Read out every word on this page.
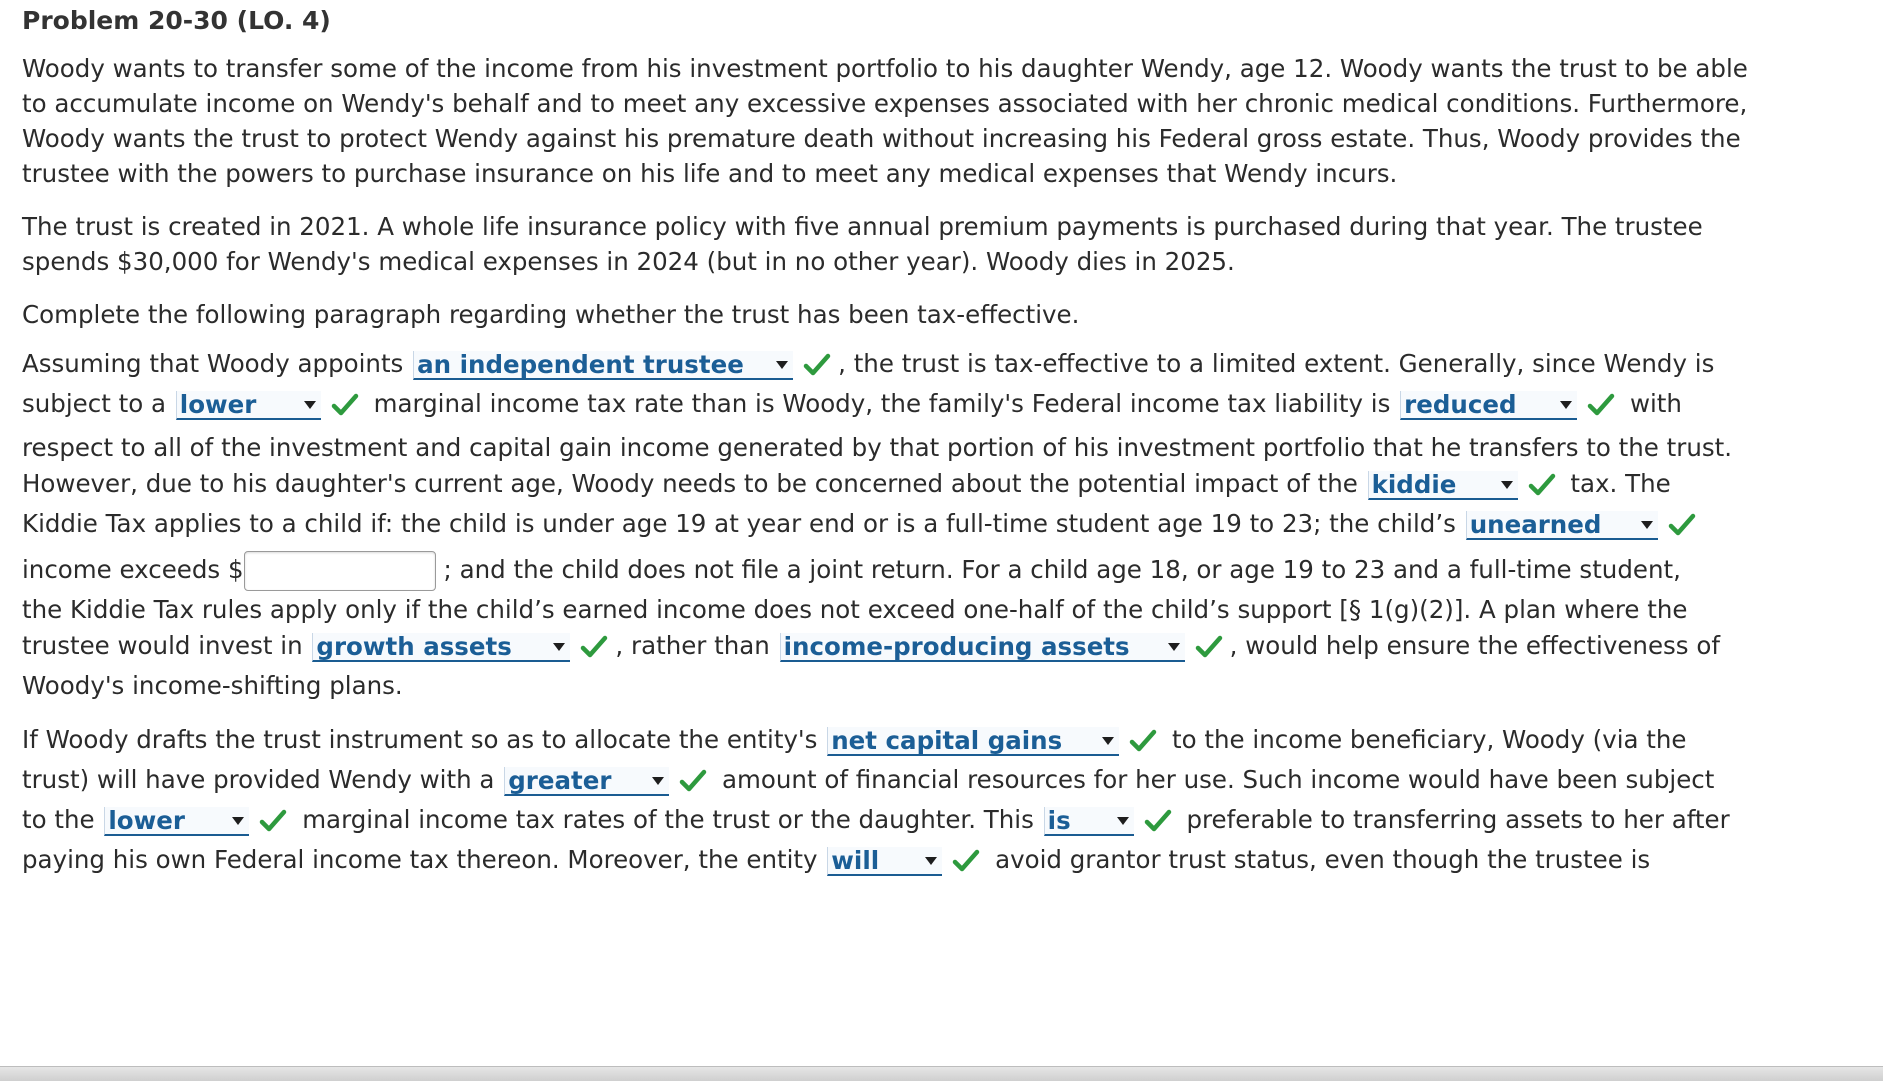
Problem 20-30 (LO. 4)
Woody wants to transfer some of the income from his investment portfolio to his daughter Wendy, age 12. Woody wants the trust to be able
to accumulate income on Wendy's behalf and to meet any excessive expenses associated with her chronic medical conditions. Furthermore,
Woody wants the trust to protect Wendy against his premature death without increasing his Federal gross estate. Thus, Woody provides the
trustee with the powers to purchase insurance on his life and to meet any medical expenses that Wendy incurs.
The trust is created in 2021. A whole life insurance policy with five annual premium payments is purchased during that year. The trustee
spends $30,000 for Wendy's medical expenses in 2024 (but in no other year). Woody dies in 2025.
Complete the following paragraph regarding whether the trust has been tax-effective.
Assuming that Woody appoints an independent trustee	, the trust is tax-effective to a limited extent. Generally, since Wendy is
subject to a lower	marginal income tax rate than is Woody, the family's Federal income tax liability is reduced	with
respect to all of the investment and capital gain income generated by that portion of his investment portfolio that he transfers to the trust.
However, due to his daughter's current age, Woody needs to be concerned about the potential impact of the kiddie	tax. The
Kiddie Tax applies to a child if: the child is under age 19 at year end or is a full-time student age 19 to 23; the child’s unearned
income exceeds $	; and the child does not file a joint return. For a child age 18, or age 19 to 23 and a full-time student,
the Kiddie Tax rules apply only if the child’s earned income does not exceed one-half of the child’s support [§ 1(g)(2)]. A plan where the
trustee would invest in growth assets	, rather than income-producing assets	, would help ensure the effectiveness of
Woody's income-shifting plans.
If Woody drafts the trust instrument so as to allocate the entity's net capital gains	to the income beneficiary, Woody (via the
trust) will have provided Wendy with a greater	amount of financial resources for her use. Such income would have been subject
to the lower	marginal income tax rates of the trust or the daughter. This is	preferable to transferring assets to her after
paying his own Federal income tax thereon. Moreover, the entity will	avoid grantor trust status, even though the trustee is
